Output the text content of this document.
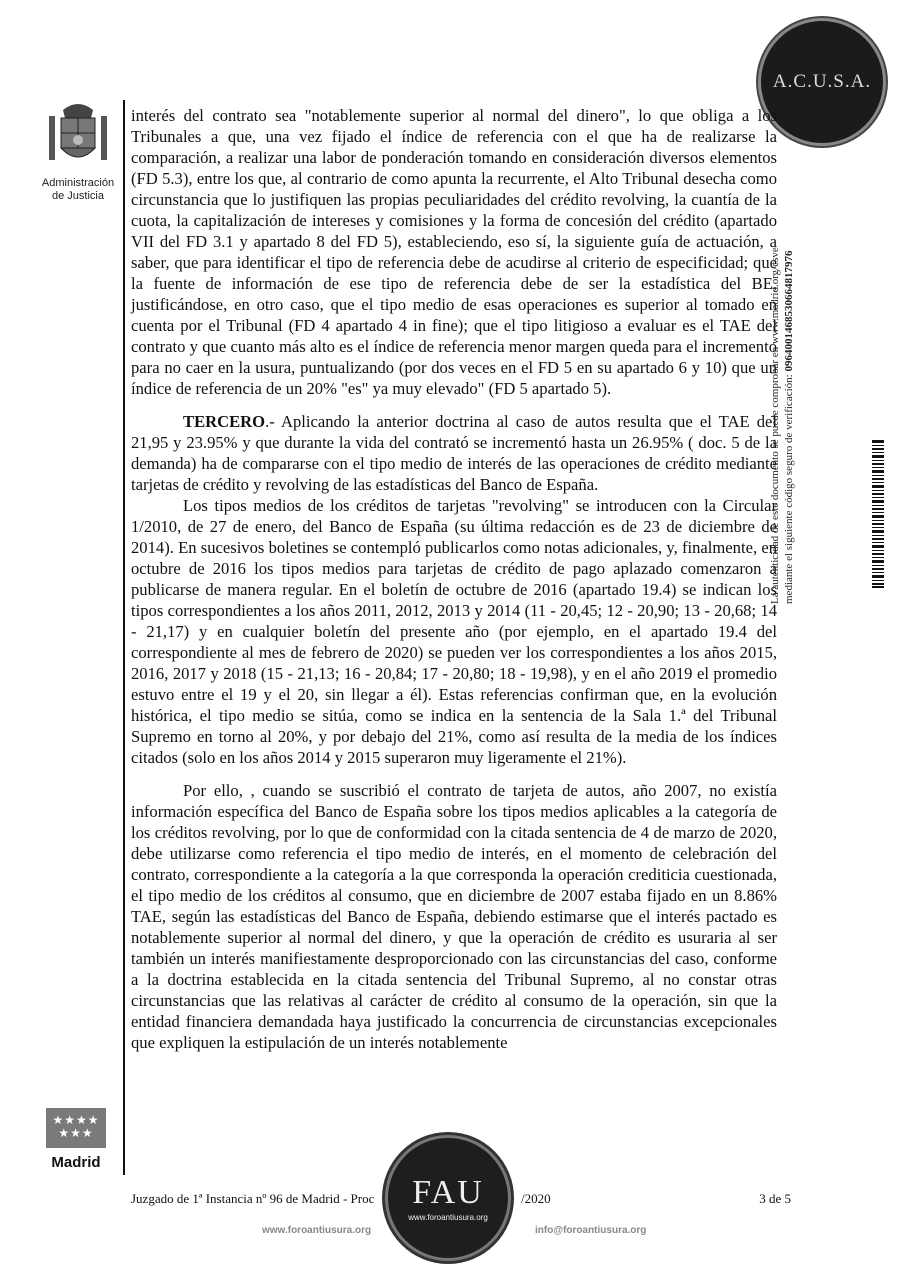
Administración de Justicia
A.C.U.S.A.

interés del contrato sea "notablemente superior al normal del dinero", lo que obliga a los Tribunales a que, una vez fijado el índice de referencia con el que ha de realizarse la comparación, a realizar una labor de ponderación tomando en consideración diversos elementos (FD 5.3), entre los que, al contrario de como apunta la recurrente, el Alto Tribunal desecha como circunstancia que lo justifiquen las propias peculiaridades del crédito revolving, la cuantía de la cuota, la capitalización de intereses y comisiones y la forma de concesión del crédito (apartado VII del FD 3.1 y apartado 8 del FD 5), estableciendo, eso sí, la siguiente guía de actuación, a saber, que para identificar el tipo de referencia debe de acudirse al criterio de especificidad; que la fuente de información de ese tipo de referencia debe de ser la estadística del BE, justificándose, en otro caso, que el tipo medio de esas operaciones es superior al tomado en cuenta por el Tribunal (FD 4 apartado 4 in fine); que el tipo litigioso a evaluar es el TAE del contrato y que cuanto más alto es el índice de referencia menor margen queda para el incremento para no caer en la usura, puntualizando (por dos veces en el FD 5 en su apartado 6 y 10) que un índice de referencia de un 20% "es" ya muy elevado" (FD 5 apartado 5).

TERCERO.- Aplicando la anterior doctrina al caso de autos resulta que el TAE del 21,95 y 23.95% y que durante la vida del contrató se incrementó hasta un 26.95% ( doc. 5 de la demanda) ha de compararse con el tipo medio de interés de las operaciones de crédito mediante tarjetas de crédito y revolving de las estadísticas del Banco de España.

Los tipos medios de los créditos de tarjetas "revolving" se introducen con la Circular 1/2010, de 27 de enero, del Banco de España (su última redacción es de 23 de diciembre de 2014). En sucesivos boletines se contempló publicarlos como notas adicionales, y, finalmente, en octubre de 2016 los tipos medios para tarjetas de crédito de pago aplazado comenzaron a publicarse de manera regular. En el boletín de octubre de 2016 (apartado 19.4) se indican los tipos correspondientes a los años 2011, 2012, 2013 y 2014 (11 - 20,45; 12 - 20,90; 13 - 20,68; 14 - 21,17) y en cualquier boletín del presente año (por ejemplo, en el apartado 19.4 del correspondiente al mes de febrero de 2020) se pueden ver los correspondientes a los años 2015, 2016, 2017 y 2018 (15 - 21,13; 16 - 20,84; 17 - 20,80; 18 - 19,98), y en el año 2019 el promedio estuvo entre el 19 y el 20, sin llegar a él). Estas referencias confirman que, en la evolución histórica, el tipo medio se sitúa, como se indica en la sentencia de la Sala 1.ª del Tribunal Supremo en torno al 20%, y por debajo del 21%, como así resulta de la media de los índices citados (solo en los años 2014 y 2015 superaron muy ligeramente el 21%).

Por ello, , cuando se suscribió el contrato de tarjeta de autos, año 2007, no existía información específica del Banco de España sobre los tipos medios aplicables a la categoría de los créditos revolving, por lo que de conformidad con la citada sentencia de 4 de marzo de 2020, debe utilizarse como referencia el tipo medio de interés, en el momento de celebración del contrato, correspondiente a la categoría a la que corresponda la operación crediticia cuestionada, el tipo medio de los créditos al consumo, que en diciembre de 2007 estaba fijado en un 8.86% TAE, según las estadísticas del Banco de España, debiendo estimarse que el interés pactado es notablemente superior al normal del dinero, y que la operación de crédito es usuraria al ser también un interés manifiestamente desproporcionado con las circunstancias del caso, conforme a la doctrina establecida en la citada sentencia del Tribunal Supremo, al no constar otras circunstancias que las relativas al carácter de crédito al consumo de la operación, sin que la entidad financiera demandada haya justificado la concurrencia de circunstancias excepcionales que expliquen la estipulación de un interés notablemente

★★★★ ★★★
Madrid
Juzgado de 1ª Instancia nº 96 de Madrid - Proc	/2020	3 de 5
FAU
www.foroantiusura.org
www.foroantiusura.org	info@foroantiusura.org
La autenticidad de este documento se puede comprobar en www.madrid.org/csve mediante el siguiente código seguro de verificación: 0964001468530664817976
